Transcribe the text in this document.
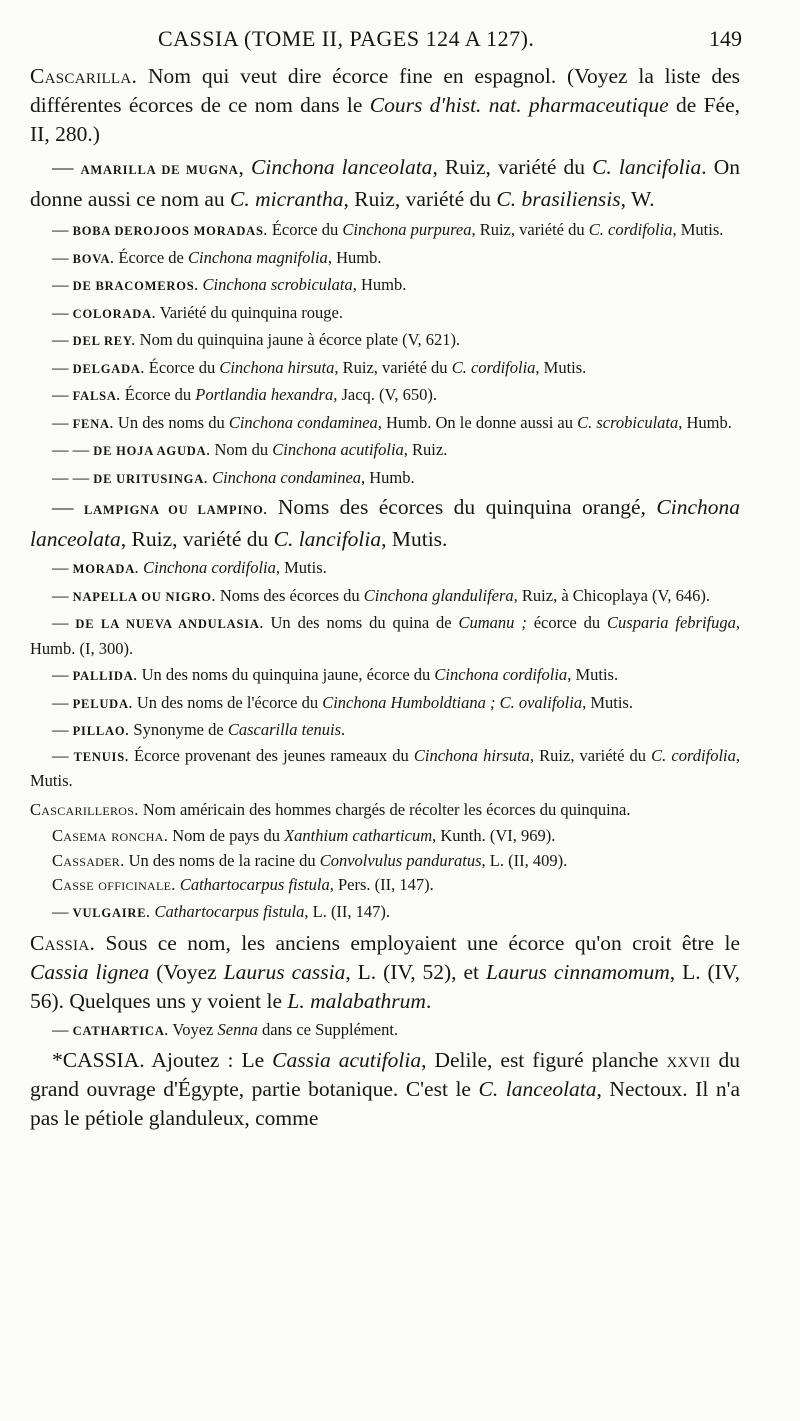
CASSIA (TOME II, PAGES 124 A 127).	149

Cascarilla. Nom qui veut dire écorce fine en espagnol. (Voyez la liste des différentes écorces de ce nom dans le Cours d'hist. nat. pharmaceutique de Fée, II, 280.)

— AMARILLA DE MUGNA, Cinchona lanceolata, Ruiz, variété du C. lancifolia. On donne aussi ce nom au C. micrantha, Ruiz, variété du C. brasiliensis, W.

— BOBA DEROJOOS MORADAS. Écorce du Cinchona purpurea, Ruiz, variété du C. cordifolia, Mutis.

— BOVA. Écorce de Cinchona magnifolia, Humb.

— DE BRACOMEROS. Cinchona scrobiculata, Humb.

— COLORADA. Variété du quinquina rouge.

— DEL REY. Nom du quinquina jaune à écorce plate (V, 621).

— DELGADA. Écorce du Cinchona hirsuta, Ruiz, variété du C. cordifolia, Mutis.

— FALSA. Écorce du Portlandia hexandra, Jacq. (V, 650).

— FENA. Un des noms du Cinchona condaminea, Humb. On le donne aussi au C. scrobiculata, Humb.

— — DE HOJA AGUDA. Nom du Cinchona acutifolia, Ruiz.

— — DE URITUSINGA. Cinchona condaminea, Humb.

— LAMPIGNA OU LAMPINO. Noms des écorces du quinquina orangé, Cinchona lanceolata, Ruiz, variété du C. lancifolia, Mutis.

— MORADA. Cinchona cordifolia, Mutis.

— NAPELLA OU NIGRO. Noms des écorces du Cinchona glandulifera, Ruiz, à Chicoplaya (V, 646).

— DE LA NUEVA ANDULASIA. Un des noms du quina de Cumanu ; écorce du Cusparia febrifuga, Humb. (I, 300).

— PALLIDA. Un des noms du quinquina jaune, écorce du Cinchona cordifolia, Mutis.

— PELUDA. Un des noms de l'écorce du Cinchona Humboldtiana ; C. ovalifolia, Mutis.

— PILLAO. Synonyme de Cascarilla tenuis.

— TENUIS. Écorce provenant des jeunes rameaux du Cinchona hirsuta, Ruiz, variété du C. cordifolia, Mutis.

Cascarilleros. Nom américain des hommes chargés de récolter les écorces du quinquina.

Casema roncha. Nom de pays du Xanthium catharticum, Kunth. (VI, 969).

Cassader. Un des noms de la racine du Convolvulus panduratus, L. (II, 409).

Casse officinale. Cathartocarpus fistula, Pers. (II, 147).

— VULGAIRE. Cathartocarpus fistula, L. (II, 147).

Cassia. Sous ce nom, les anciens employaient une écorce qu'on croit être le Cassia lignea (Voyez Laurus cassia, L. (IV, 52), et Laurus cinnamomum, L. (IV, 56). Quelques uns y voient le L. malabathrum.

— CATHARTICA. Voyez Senna dans ce Supplément.

*CASSIA. Ajoutez : Le Cassia acutifolia, Delile, est figuré planche xxvii du grand ouvrage d'Égypte, partie botanique. C'est le C. lanceolata, Nectoux. Il n'a pas le pétiole glanduleux, comme
